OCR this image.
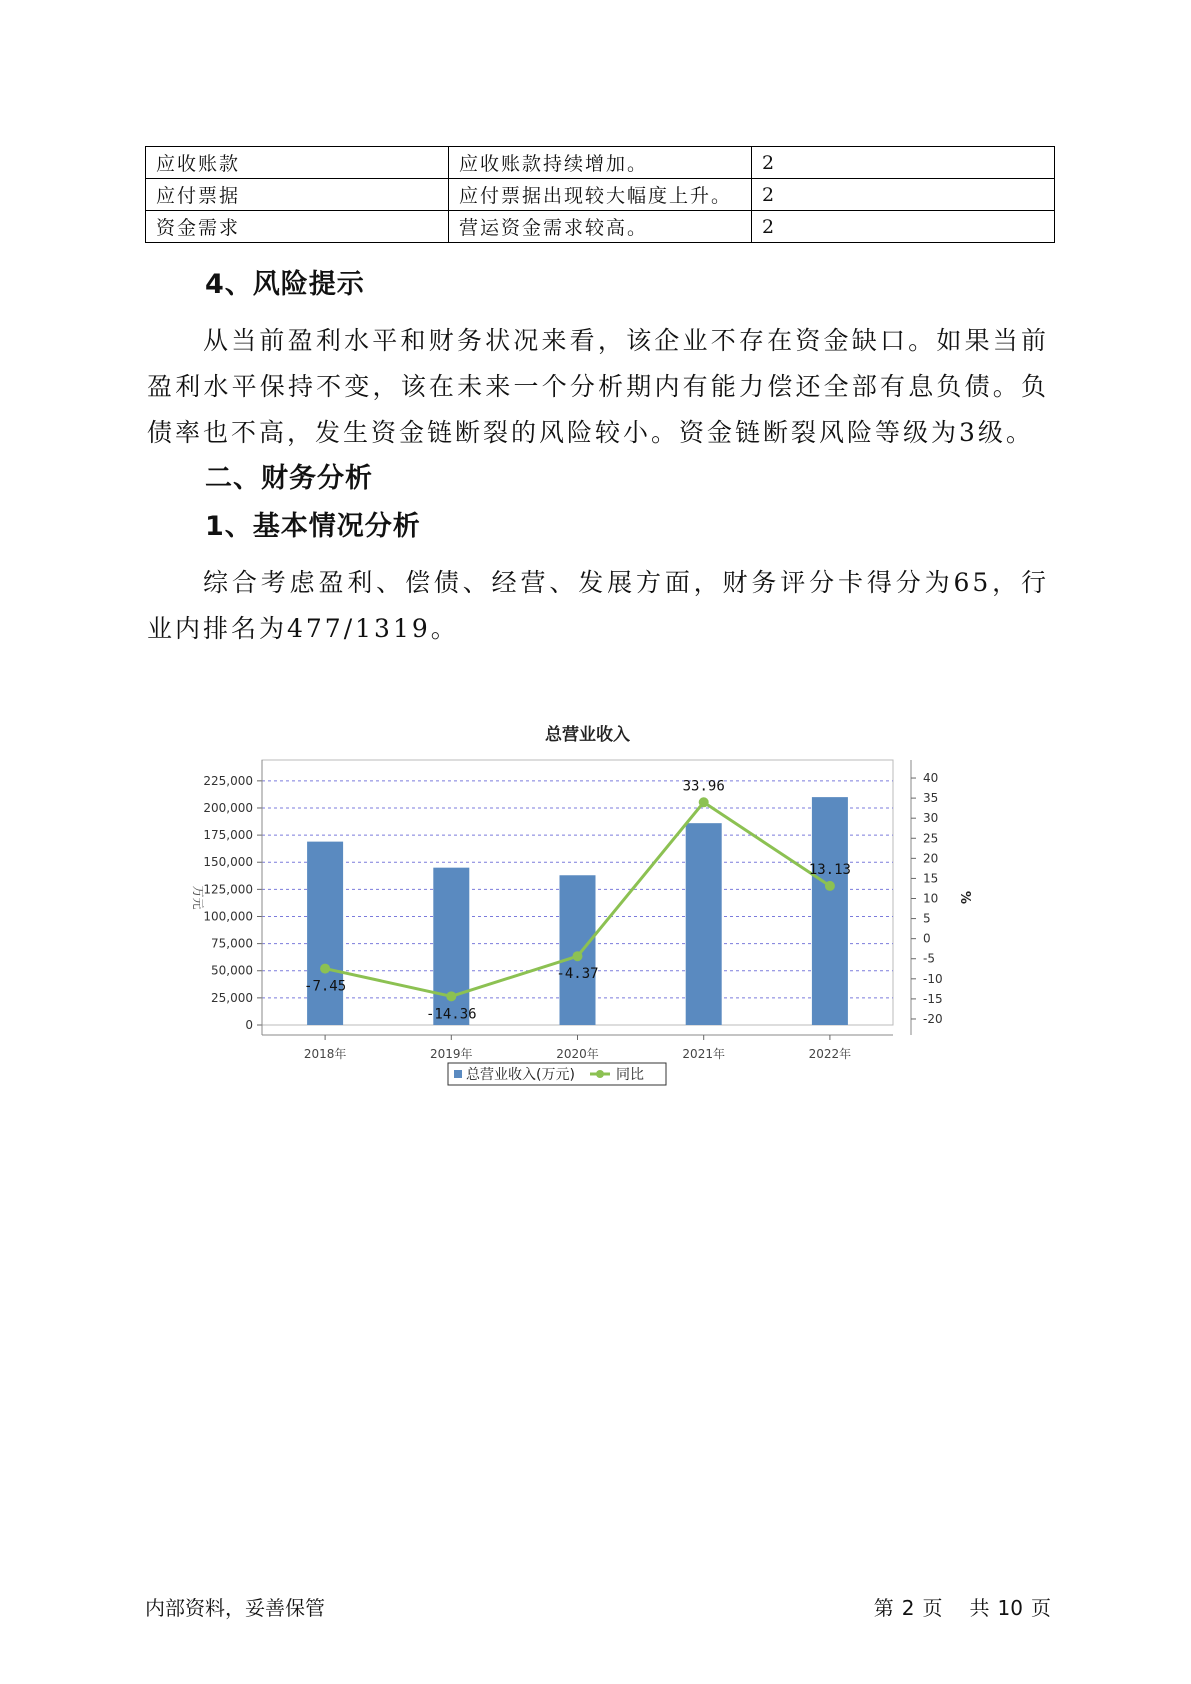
应收账款	应收账款持续增加。	2
应付票据	应付票据出现较大幅度上升。	2
资金需求	营运资金需求较高。	2
4、风险提示

从当前盈利水平和财务状况来看，该企业不存在资金缺口。如果当前盈利水平保持不变，该在未来一个分析期内有能力偿还全部有息负债。负债率也不高，发生资金链断裂的风险较小。资金链断裂风险等级为3级。

二、财务分析
1、基本情况分析

综合考虑盈利、偿债、经营、发展方面，财务评分卡得分为65，行业内排名为477/1319。

总营业收入
0
25,000
50,000
75,000
100,000
125,000
150,000
175,000
200,000
225,000
-20
-15
-10
-5
0
5
10
15
20
25
30
35
40
万元	%
2018年	2019年	2020年	2021年	2022年
-7.45
-14.36
-4.37
33.96
13.13
总营业收入(万元)	同比
内部资料，妥善保管	第 2 页 共 10 页
